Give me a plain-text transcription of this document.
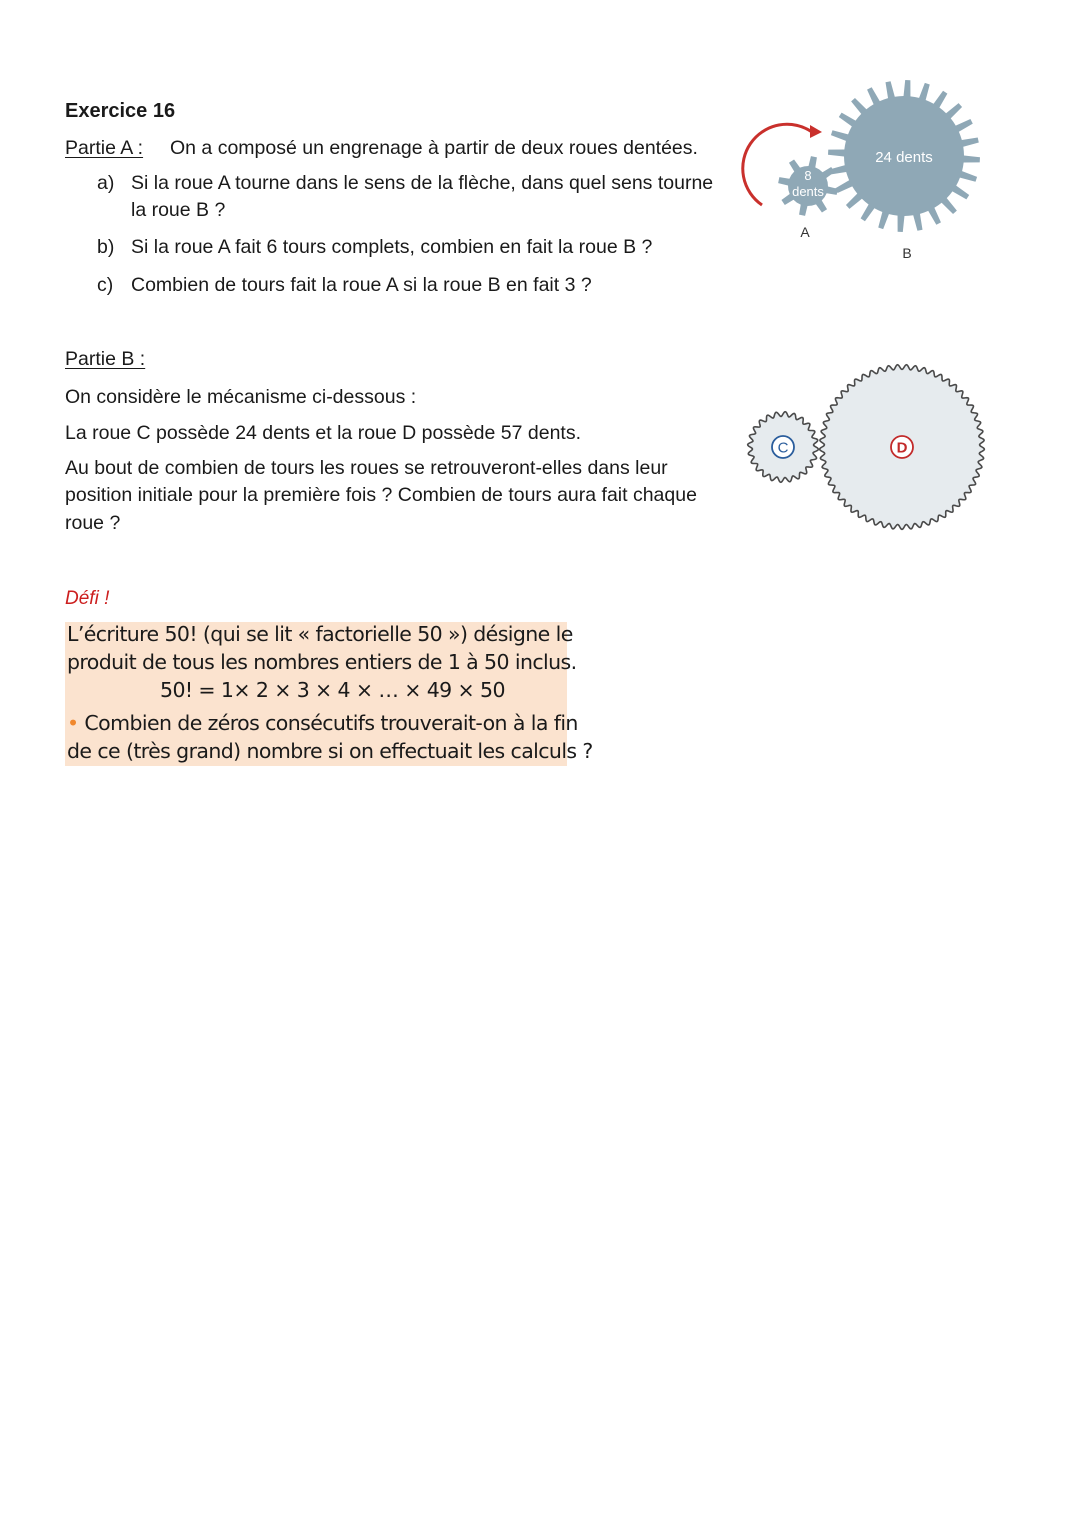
Exercice 16
Partie A : On a composé un engrenage à partir de deux roues dentées.
a) Si la roue A tourne dans le sens de la flèche, dans quel sens tourne
la roue B ?
b) Si la roue A fait 6 tours complets, combien en fait la roue B ?
c) Combien de tours fait la roue A si la roue B en fait 3 ?
8
dents
24 dents
A
B
Partie B :
On considère le mécanisme ci-dessous :
La roue C possède 24 dents et la roue D possède 57 dents.
Au bout de combien de tours les roues se retrouveront-elles dans leur
position initiale pour la première fois ? Combien de tours aura fait chaque
roue ?
C	D
Défi !
L’écriture 50! (qui se lit « factorielle 50 ») désigne le
produit de tous les nombres entiers de 1 à 50 inclus.
50! = 1× 2 × 3 × 4 × … × 49 × 50
• Combien de zéros consécutifs trouverait-on à la fin
de ce (très grand) nombre si on effectuait les calculs ?
